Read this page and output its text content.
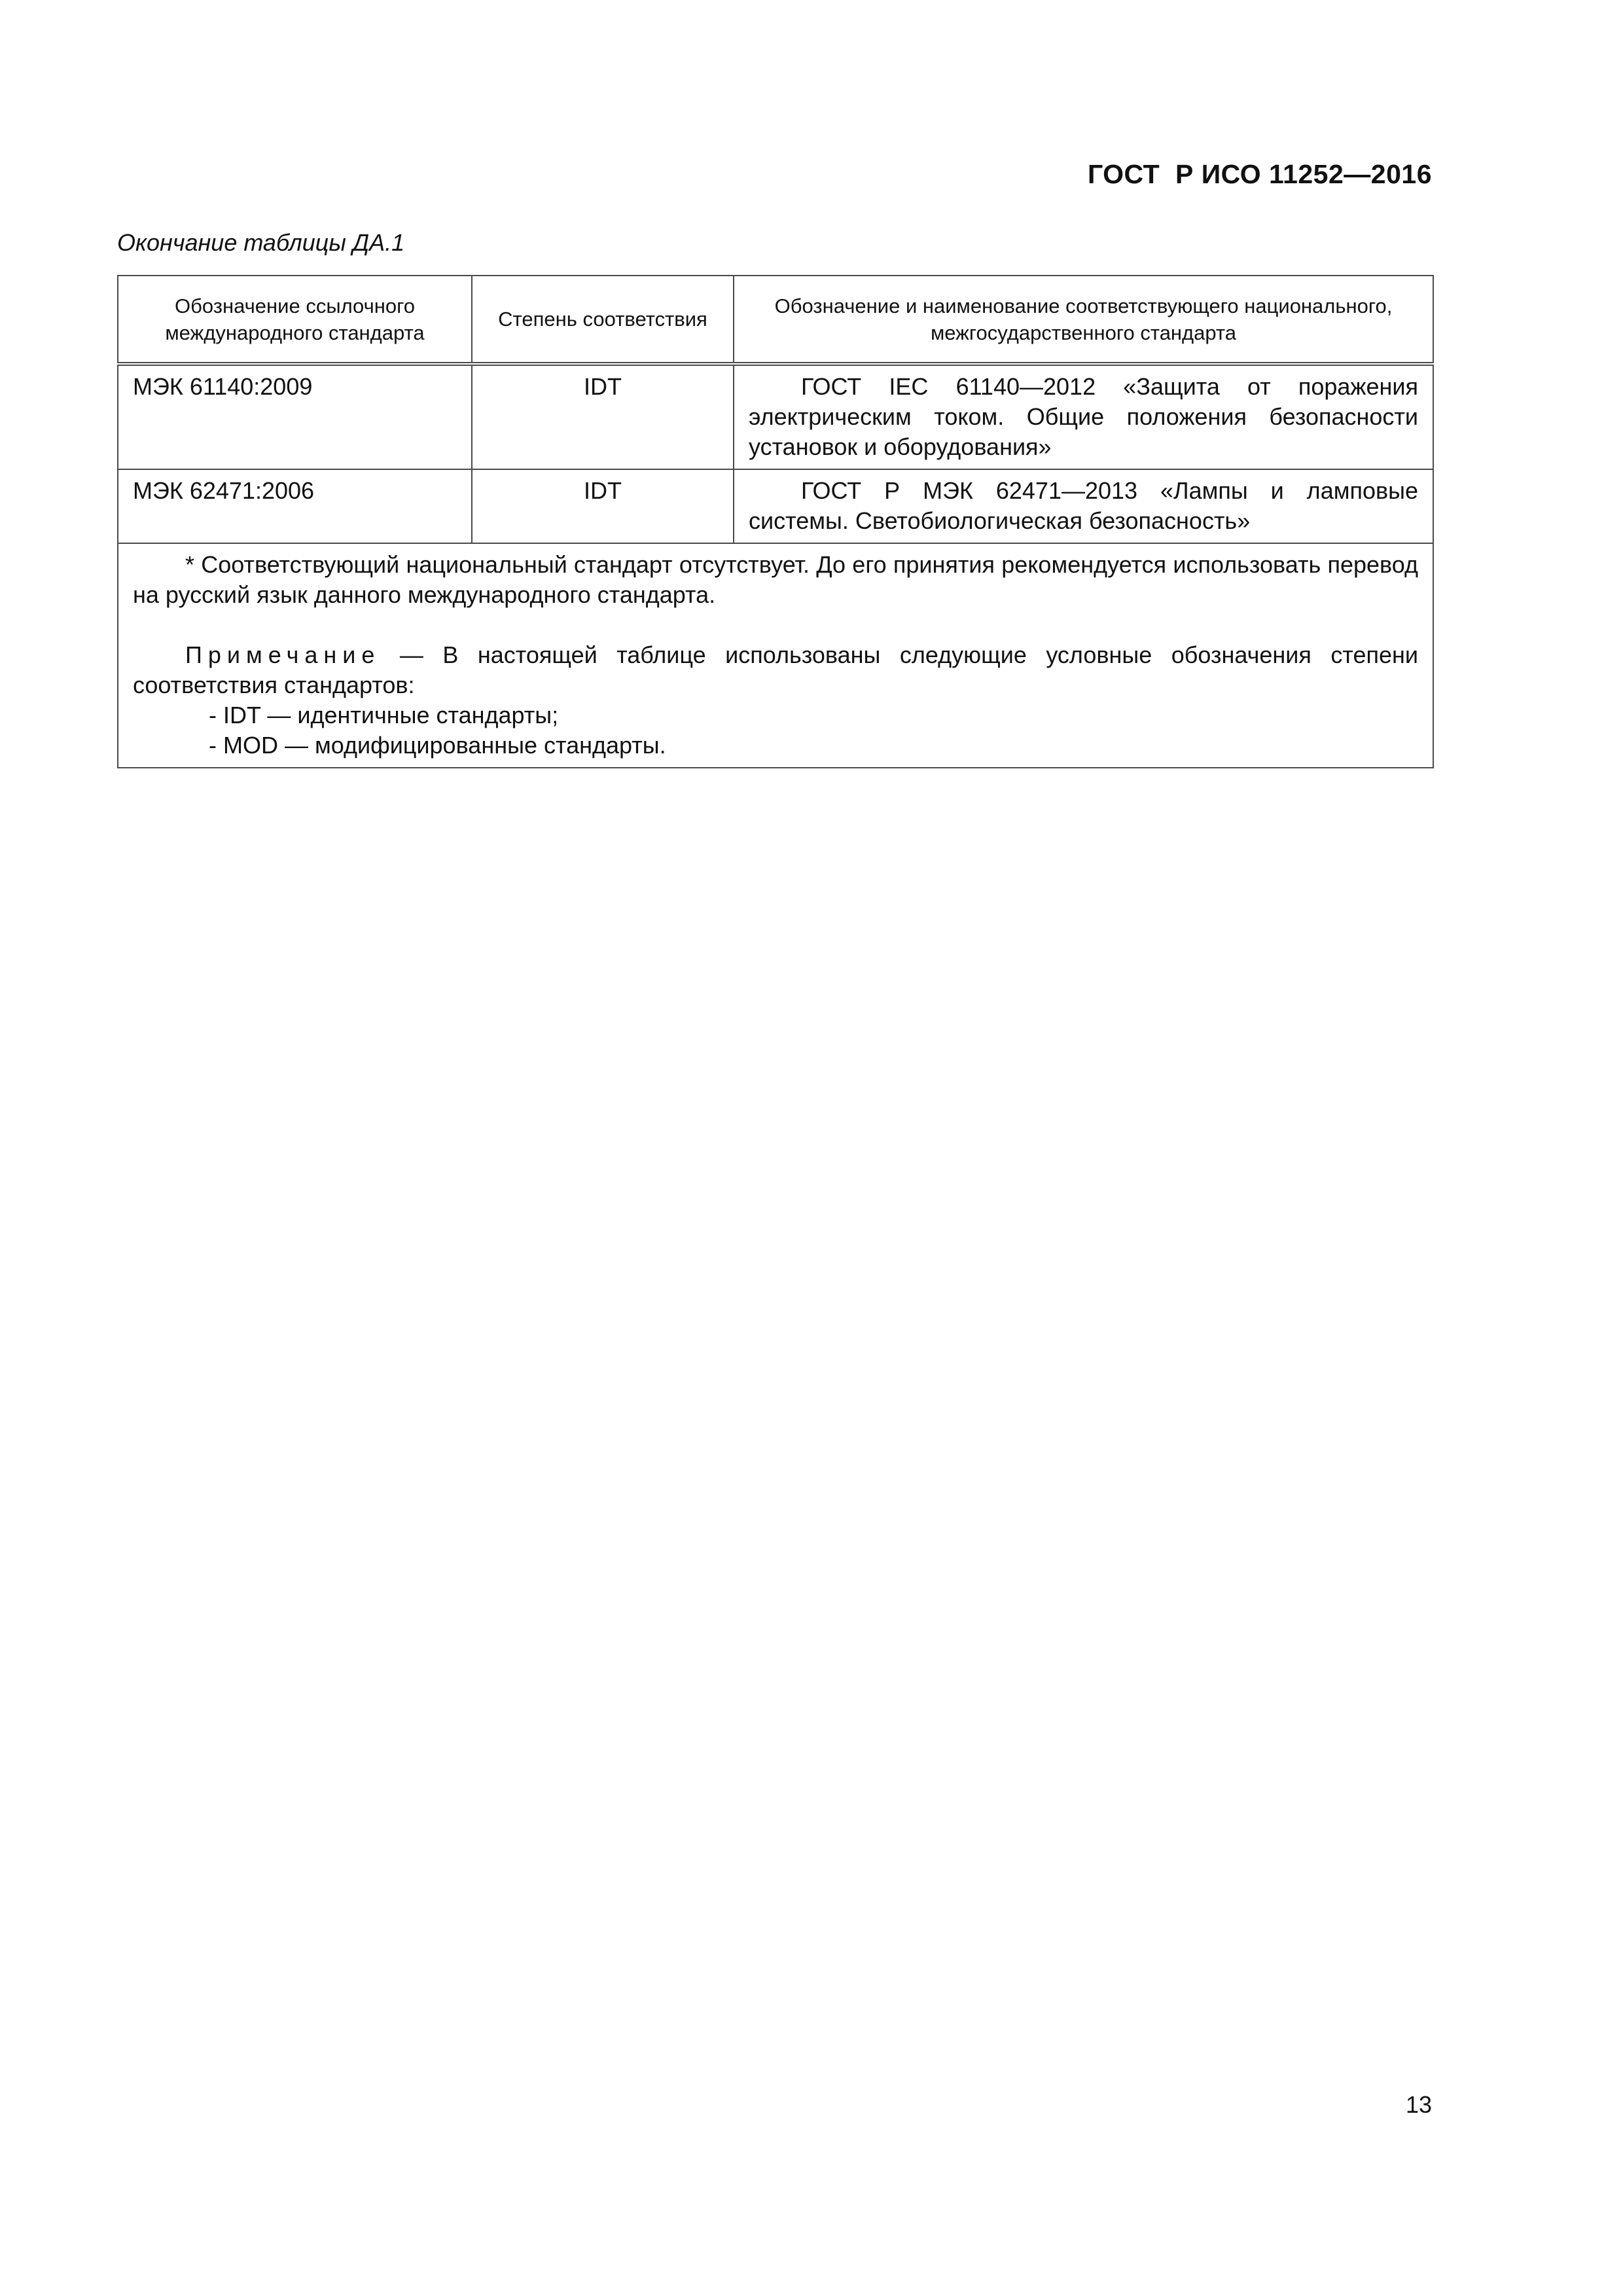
ГОСТ  Р ИСО 11252—2016
Окончание таблицы ДА.1
Обозначение ссылочного международного стандарта	Степень соответствия	Обозначение и наименование соответствующего национального, межгосударственного стандарта
МЭК 61140:2009	IDT	ГОСТ IEC 61140—2012 «Защита от поражения электрическим током. Общие положения безопасности установок и оборудования»
МЭК 62471:2006	IDT	ГОСТ Р МЭК 62471—2013 «Лампы и ламповые системы. Светобиологическая безопасность»

* Соответствующий национальный стандарт отсутствует. До его принятия рекомендуется использовать перевод на русский язык данного международного стандарта.

Примечание — В настоящей таблице использованы следующие условные обозначения степени соответствия стандартов:

- IDT — идентичные стандарты;

- MOD — модифицированные стандарты.		

13
